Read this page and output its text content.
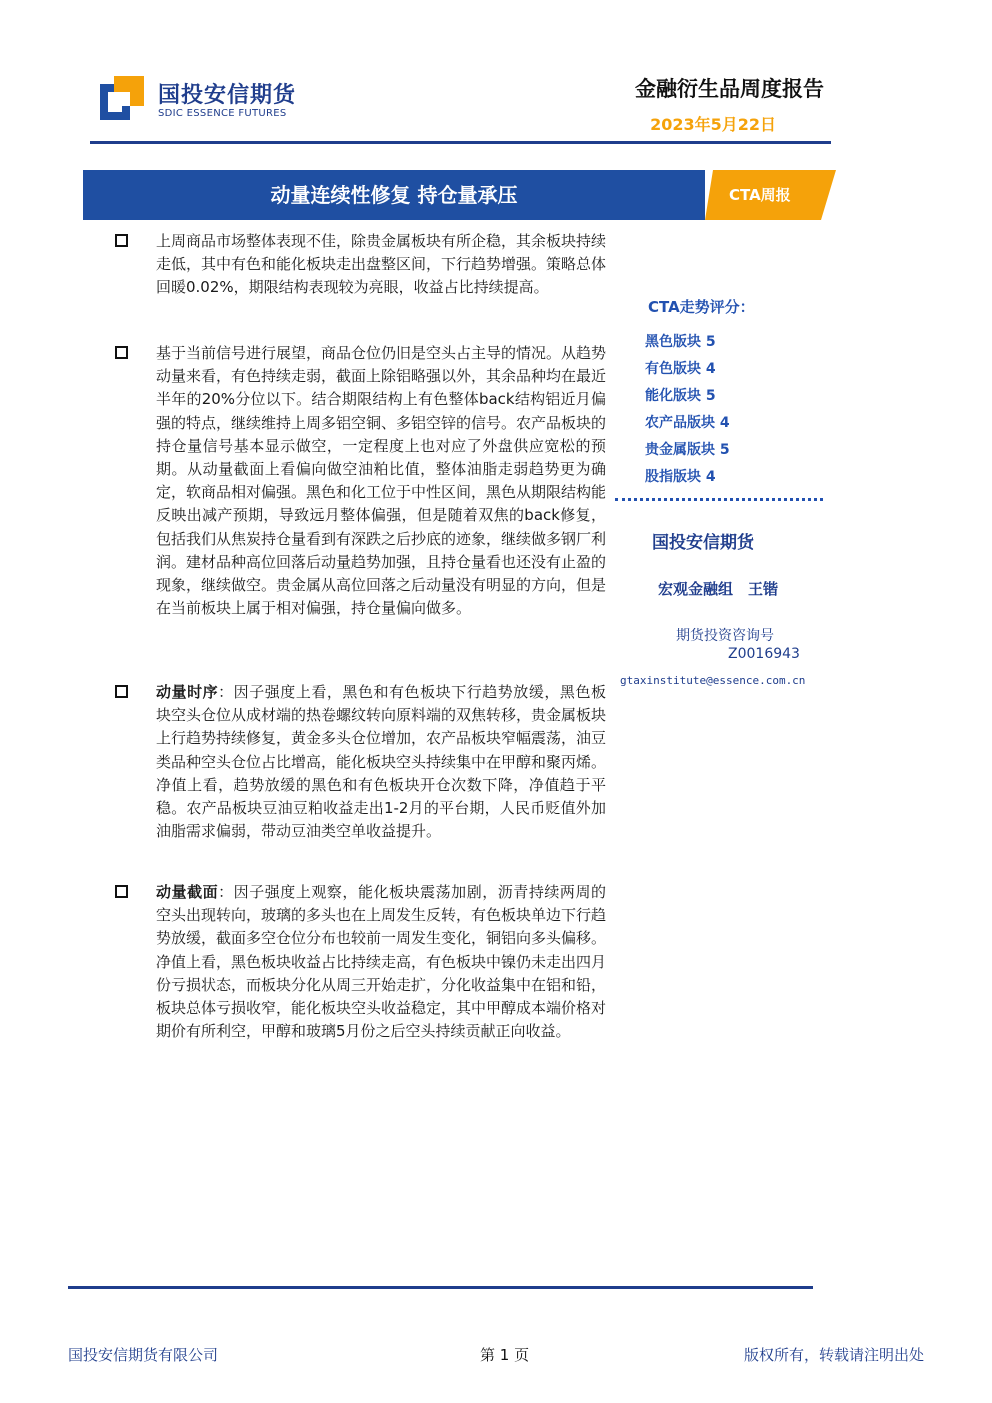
国投安信期货
SDIC ESSENCE FUTURES
金融衍生品周度报告
2023年5月22日
动量连续性修复 持仓量承压	CTA周报
上周商品市场整体表现不佳，除贵金属板块有所企稳，其余板块持续走低，其中有色和能化板块走出盘整区间，下行趋势增强。策略总体回暖0.02%，期限结构表现较为亮眼，收益占比持续提高。
基于当前信号进行展望，商品仓位仍旧是空头占主导的情况。从趋势动量来看，有色持续走弱，截面上除铝略强以外，其余品种均在最近半年的20%分位以下。结合期限结构上有色整体back结构铝近月偏强的特点，继续维持上周多铝空铜、多铝空锌的信号。农产品板块的持仓量信号基本显示做空，一定程度上也对应了外盘供应宽松的预期。从动量截面上看偏向做空油粕比值，整体油脂走弱趋势更为确定，软商品相对偏强。黑色和化工位于中性区间，黑色从期限结构能反映出减产预期，导致远月整体偏强，但是随着双焦的back修复，包括我们从焦炭持仓量看到有深跌之后抄底的迹象，继续做多钢厂利润。建材品种高位回落后动量趋势加强，且持仓量看也还没有止盈的现象，继续做空。贵金属从高位回落之后动量没有明显的方向，但是在当前板块上属于相对偏强，持仓量偏向做多。
动量时序：因子强度上看，黑色和有色板块下行趋势放缓，黑色板块空头仓位从成材端的热卷螺纹转向原料端的双焦转移，贵金属板块上行趋势持续修复，黄金多头仓位增加，农产品板块窄幅震荡，油豆类品种空头仓位占比增高，能化板块空头持续集中在甲醇和聚丙烯。净值上看，趋势放缓的黑色和有色板块开仓次数下降，净值趋于平稳。农产品板块豆油豆粕收益走出1-2月的平台期，人民币贬值外加油脂需求偏弱，带动豆油类空单收益提升。
动量截面：因子强度上观察，能化板块震荡加剧，沥青持续两周的空头出现转向，玻璃的多头也在上周发生反转，有色板块单边下行趋势放缓，截面多空仓位分布也较前一周发生变化，铜铝向多头偏移。净值上看，黑色板块收益占比持续走高，有色板块中镍仍未走出四月份亏损状态，而板块分化从周三开始走扩，分化收益集中在铝和铅，板块总体亏损收窄，能化板块空头收益稳定，其中甲醇成本端价格对期价有所利空，甲醇和玻璃5月份之后空头持续贡献正向收益。
CTA走势评分：
黑色版块 5
有色版块 4
能化版块 5
农产品版块 4
贵金属版块 5
股指版块 4
国投安信期货
宏观金融组　王锴
期货投资咨询号
Z0016943
gtaxinstitute@essence.com.cn
国投安信期货有限公司	第 1 页	版权所有，转载请注明出处
